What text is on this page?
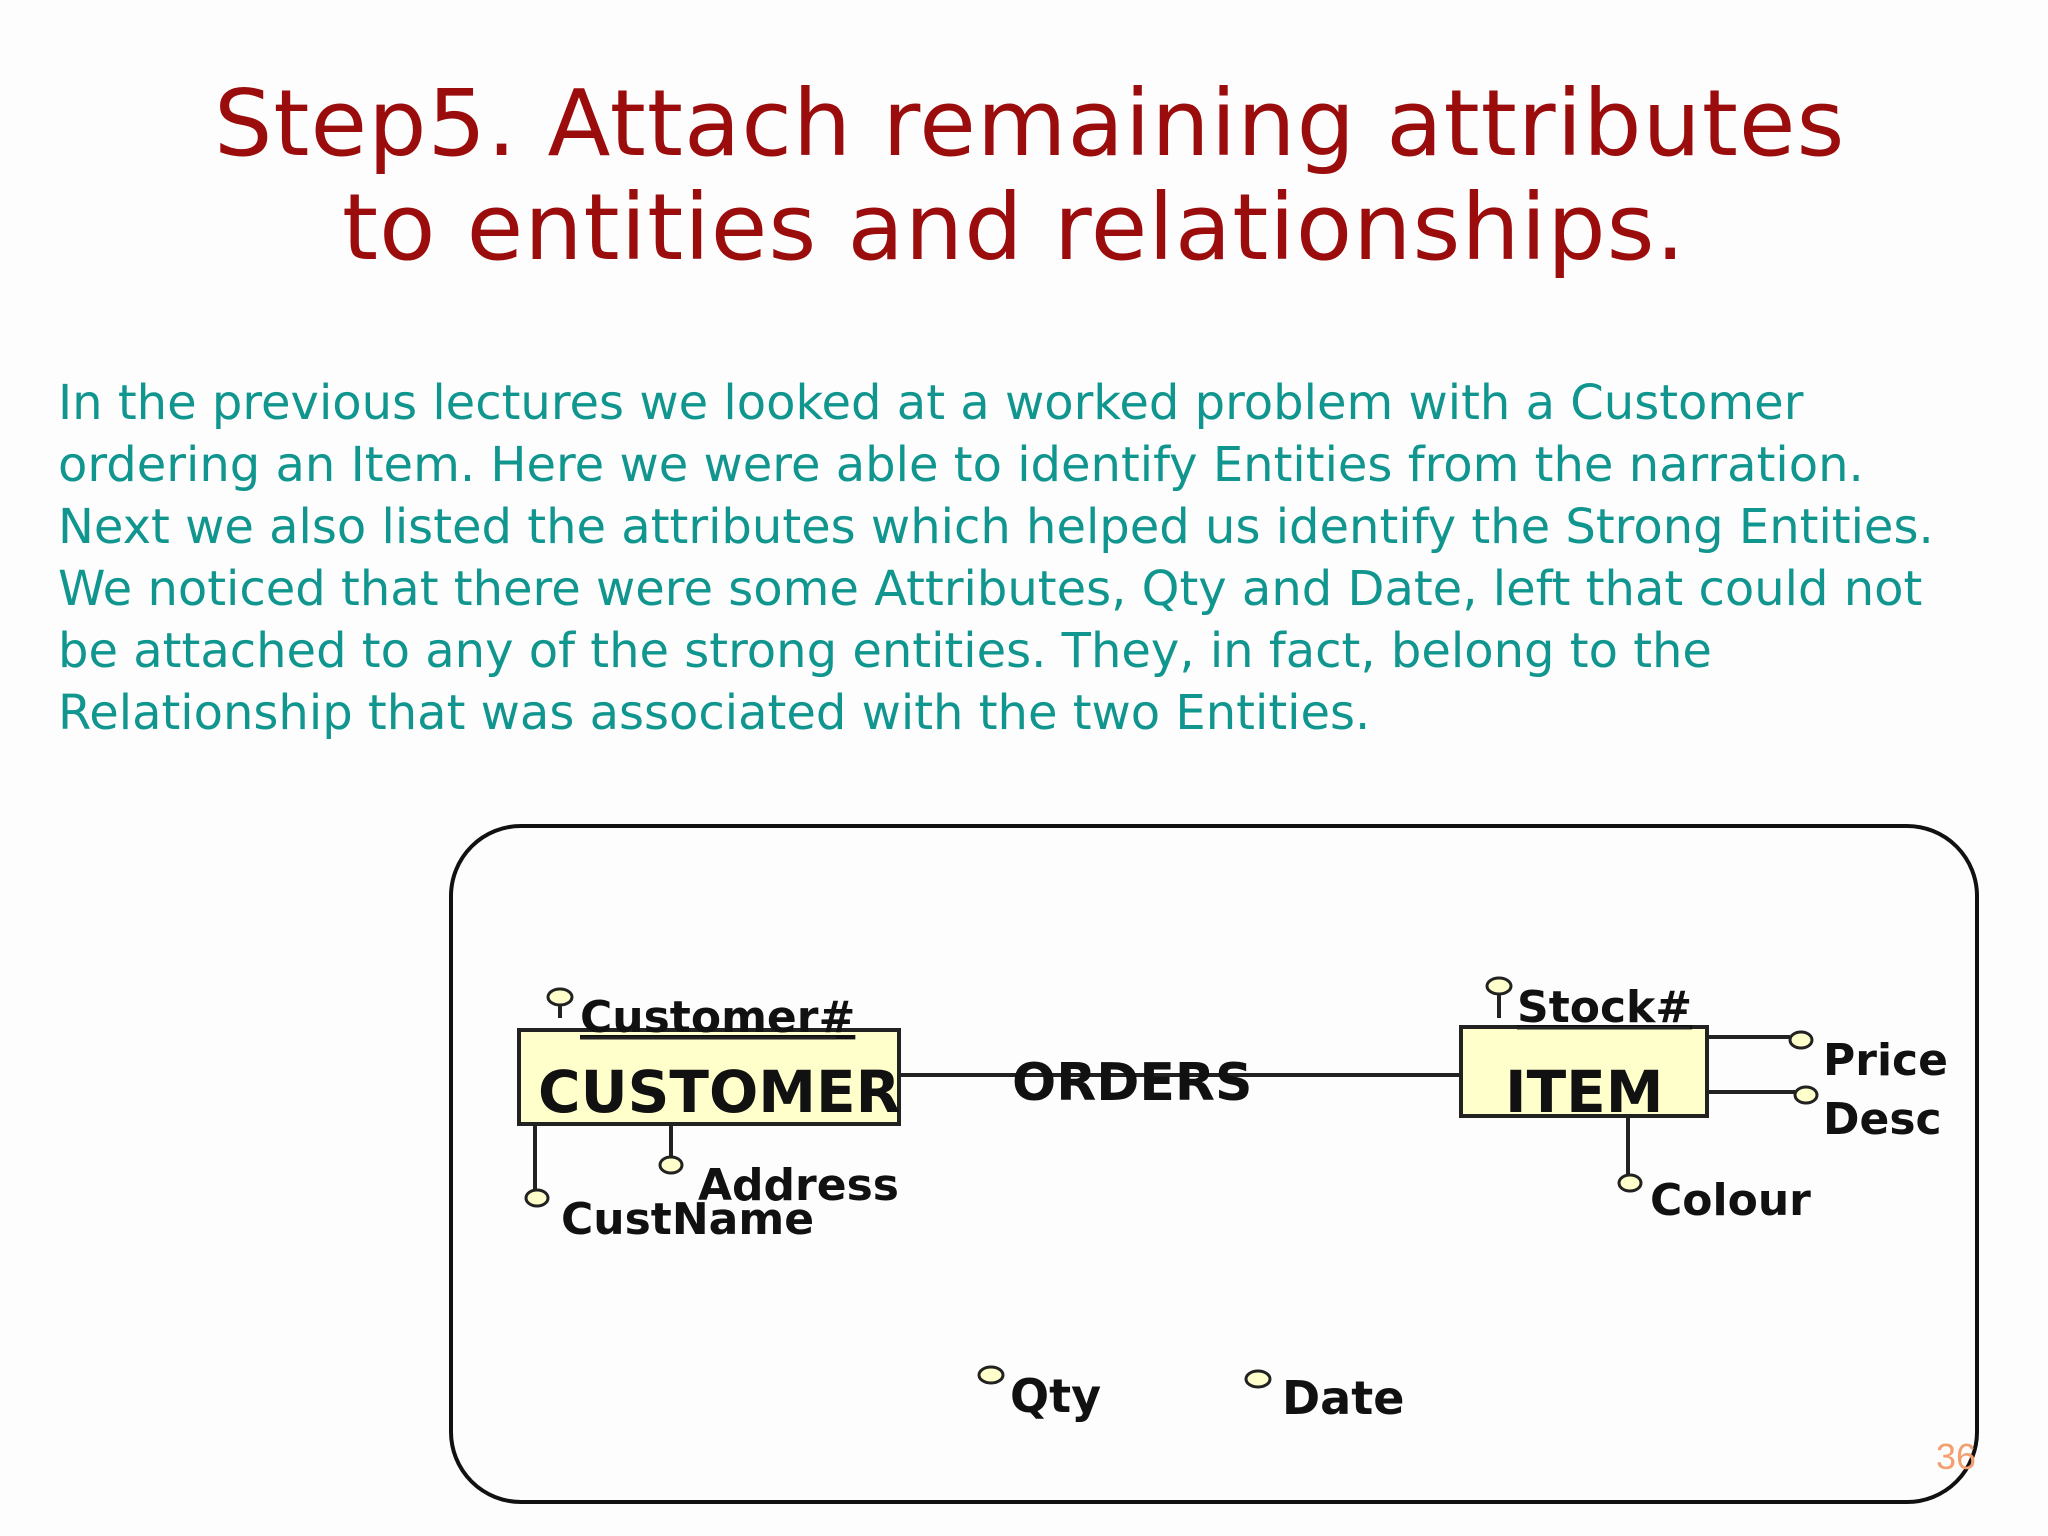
Step5. Attach remaining attributes
to entities and relationships.
In the previous lectures we looked at a worked problem with a Customer
ordering an Item. Here we were able to identify Entities from the narration.
Next we also listed the attributes which helped us identify the Strong Entities.
We noticed that there were some Attributes, Qty and Date, left that could not
be attached to any of the strong entities. They, in fact, belong to the
Relationship that was associated with the two Entities.
CUSTOMER
Customer#
CustName
Address
ORDERS	ITEM
Stock#
Price
Desc
Colour
Qty	Date
36
